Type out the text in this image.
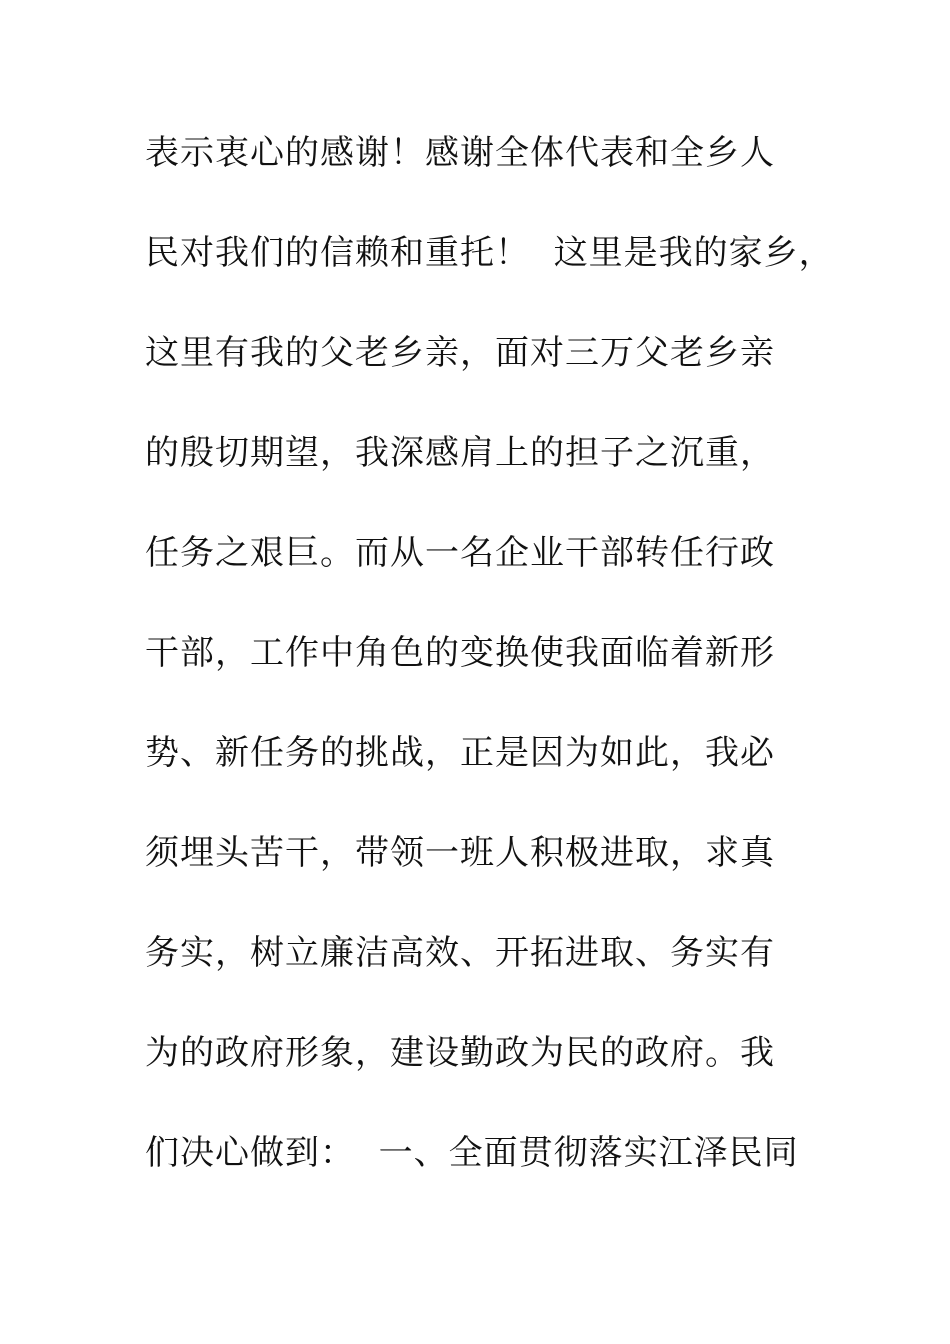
表示衷心的感谢！感谢全体代表和全乡人
民对我们的信赖和重托！  这里是我的家乡，
这里有我的父老乡亲，面对三万父老乡亲
的殷切期望，我深感肩上的担子之沉重，
任务之艰巨。而从一名企业干部转任行政
干部，工作中角色的变换使我面临着新形
势、新任务的挑战，正是因为如此，我必
须埋头苦干，带领一班人积极进取，求真
务实，树立廉洁高效、开拓进取、务实有
为的政府形象，建设勤政为民的政府。我
们决心做到：  一、全面贯彻落实江泽民同
